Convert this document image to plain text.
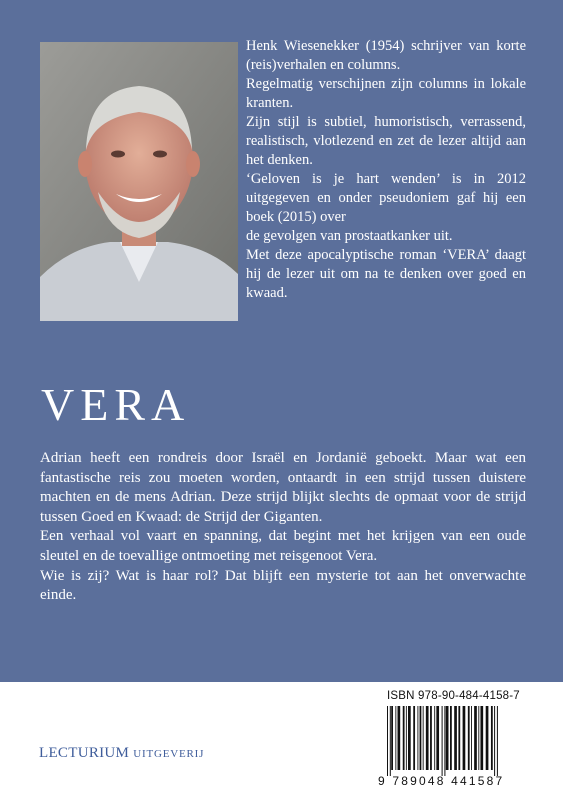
Henk Wiesenekker (1954) schrijver van korte (reis)verhalen en columns.

Regelmatig verschijnen zijn columns in lokale kranten.

Zijn stijl is subtiel, humoristisch, verrassend, realistisch, vlotlezend en zet de lezer altijd aan het denken.

‘Geloven is je hart wenden’ is in 2012 uitgegeven en onder pseudoniem gaf hij een boek (2015) over

de gevolgen van prostaatkanker uit.

Met deze apocalyptische roman ‘VERA’ daagt hij de lezer uit om na te denken over goed en kwaad.

VERA

Adrian heeft een rondreis door Israël en Jordanië geboekt. Maar wat een fantastische reis zou moeten worden, ontaardt in een strijd tussen duistere machten en de mens Adrian. Deze strijd blijkt slechts de opmaat voor de strijd tussen Goed en Kwaad: de Strijd der Giganten.

Een verhaal vol vaart en spanning, dat begint met het krijgen van een oude sleutel en de toevallige ontmoeting met reisgenoot Vera.

Wie is zij? Wat is haar rol? Dat blijft een mysterie tot aan het onverwachte einde.

LECTURIUM UITGEVERIJ
ISBN 978-90-484-4158-7
9 789048 441587
